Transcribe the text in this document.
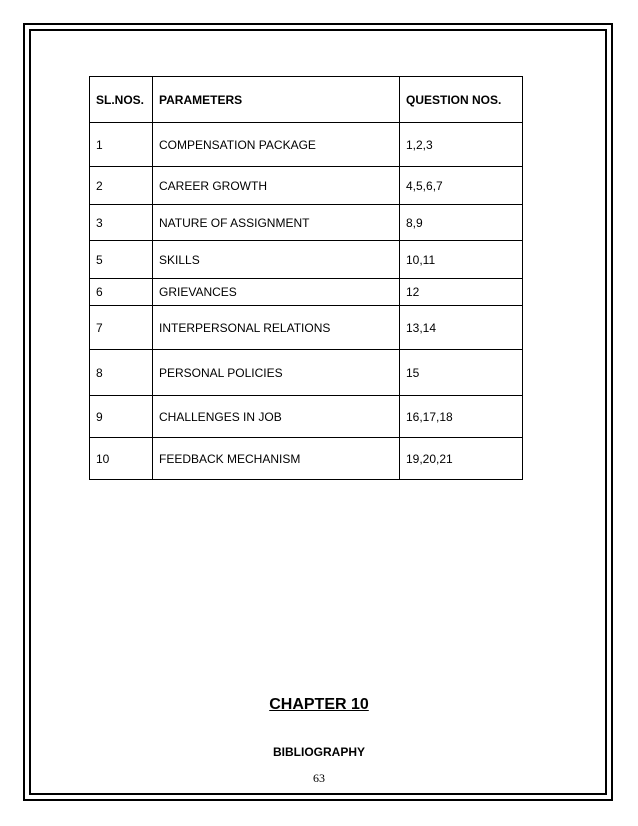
SL.NOS.	PARAMETERS	QUESTION NOS.
1	COMPENSATION PACKAGE	1,2,3
2	CAREER GROWTH	4,5,6,7
3	NATURE OF ASSIGNMENT	8,9
5	SKILLS	10,11
6	GRIEVANCES	12
7	INTERPERSONAL RELATIONS	13,14
8	PERSONAL POLICIES	15
9	CHALLENGES IN JOB	16,17,18
10	FEEDBACK MECHANISM	19,20,21
CHAPTER 10
BIBLIOGRAPHY
63
